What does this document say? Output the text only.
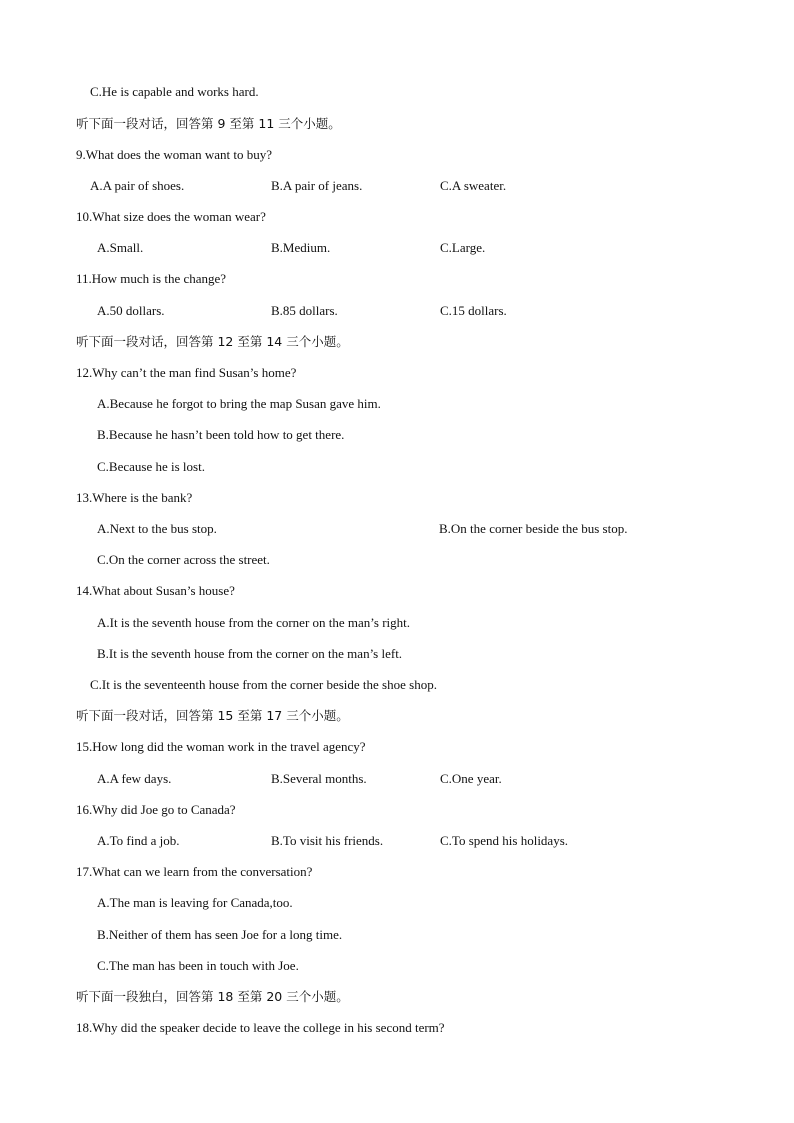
C.He is capable and works hard.
听下面一段对话，回答第 9 至第 11 三个小题。
9.What does the woman want to buy?
A.A pair of shoes.	B.A pair of jeans.	C.A sweater.
10.What size does the woman wear?
A.Small.	B.Medium.	C.Large.
11.How much is the change?
A.50 dollars.	B.85 dollars.	C.15 dollars.
听下面一段对话，回答第 12 至第 14 三个小题。
12.Why can’t the man find Susan’s home?
A.Because he forgot to bring the map Susan gave him.
B.Because he hasn’t been told how to get there.
C.Because he is lost.
13.Where is the bank?
A.Next to the bus stop.	B.On the corner beside the bus stop.
C.On the corner across the street.
14.What about Susan’s house?
A.It is the seventh house from the corner on the man’s right.
B.It is the seventh house from the corner on the man’s left.
C.It is the seventeenth house from the corner beside the shoe shop.
听下面一段对话，回答第 15 至第 17 三个小题。
15.How long did the woman work in the travel agency?
A.A few days.	B.Several months.	C.One year.
16.Why did Joe go to Canada?
A.To find a job.	B.To visit his friends.	C.To spend his holidays.
17.What can we learn from the conversation?
A.The man is leaving for Canada,too.
B.Neither of them has seen Joe for a long time.
C.The man has been in touch with Joe.
听下面一段独白，回答第 18 至第 20 三个小题。
18.Why did the speaker decide to leave the college in his second term?
